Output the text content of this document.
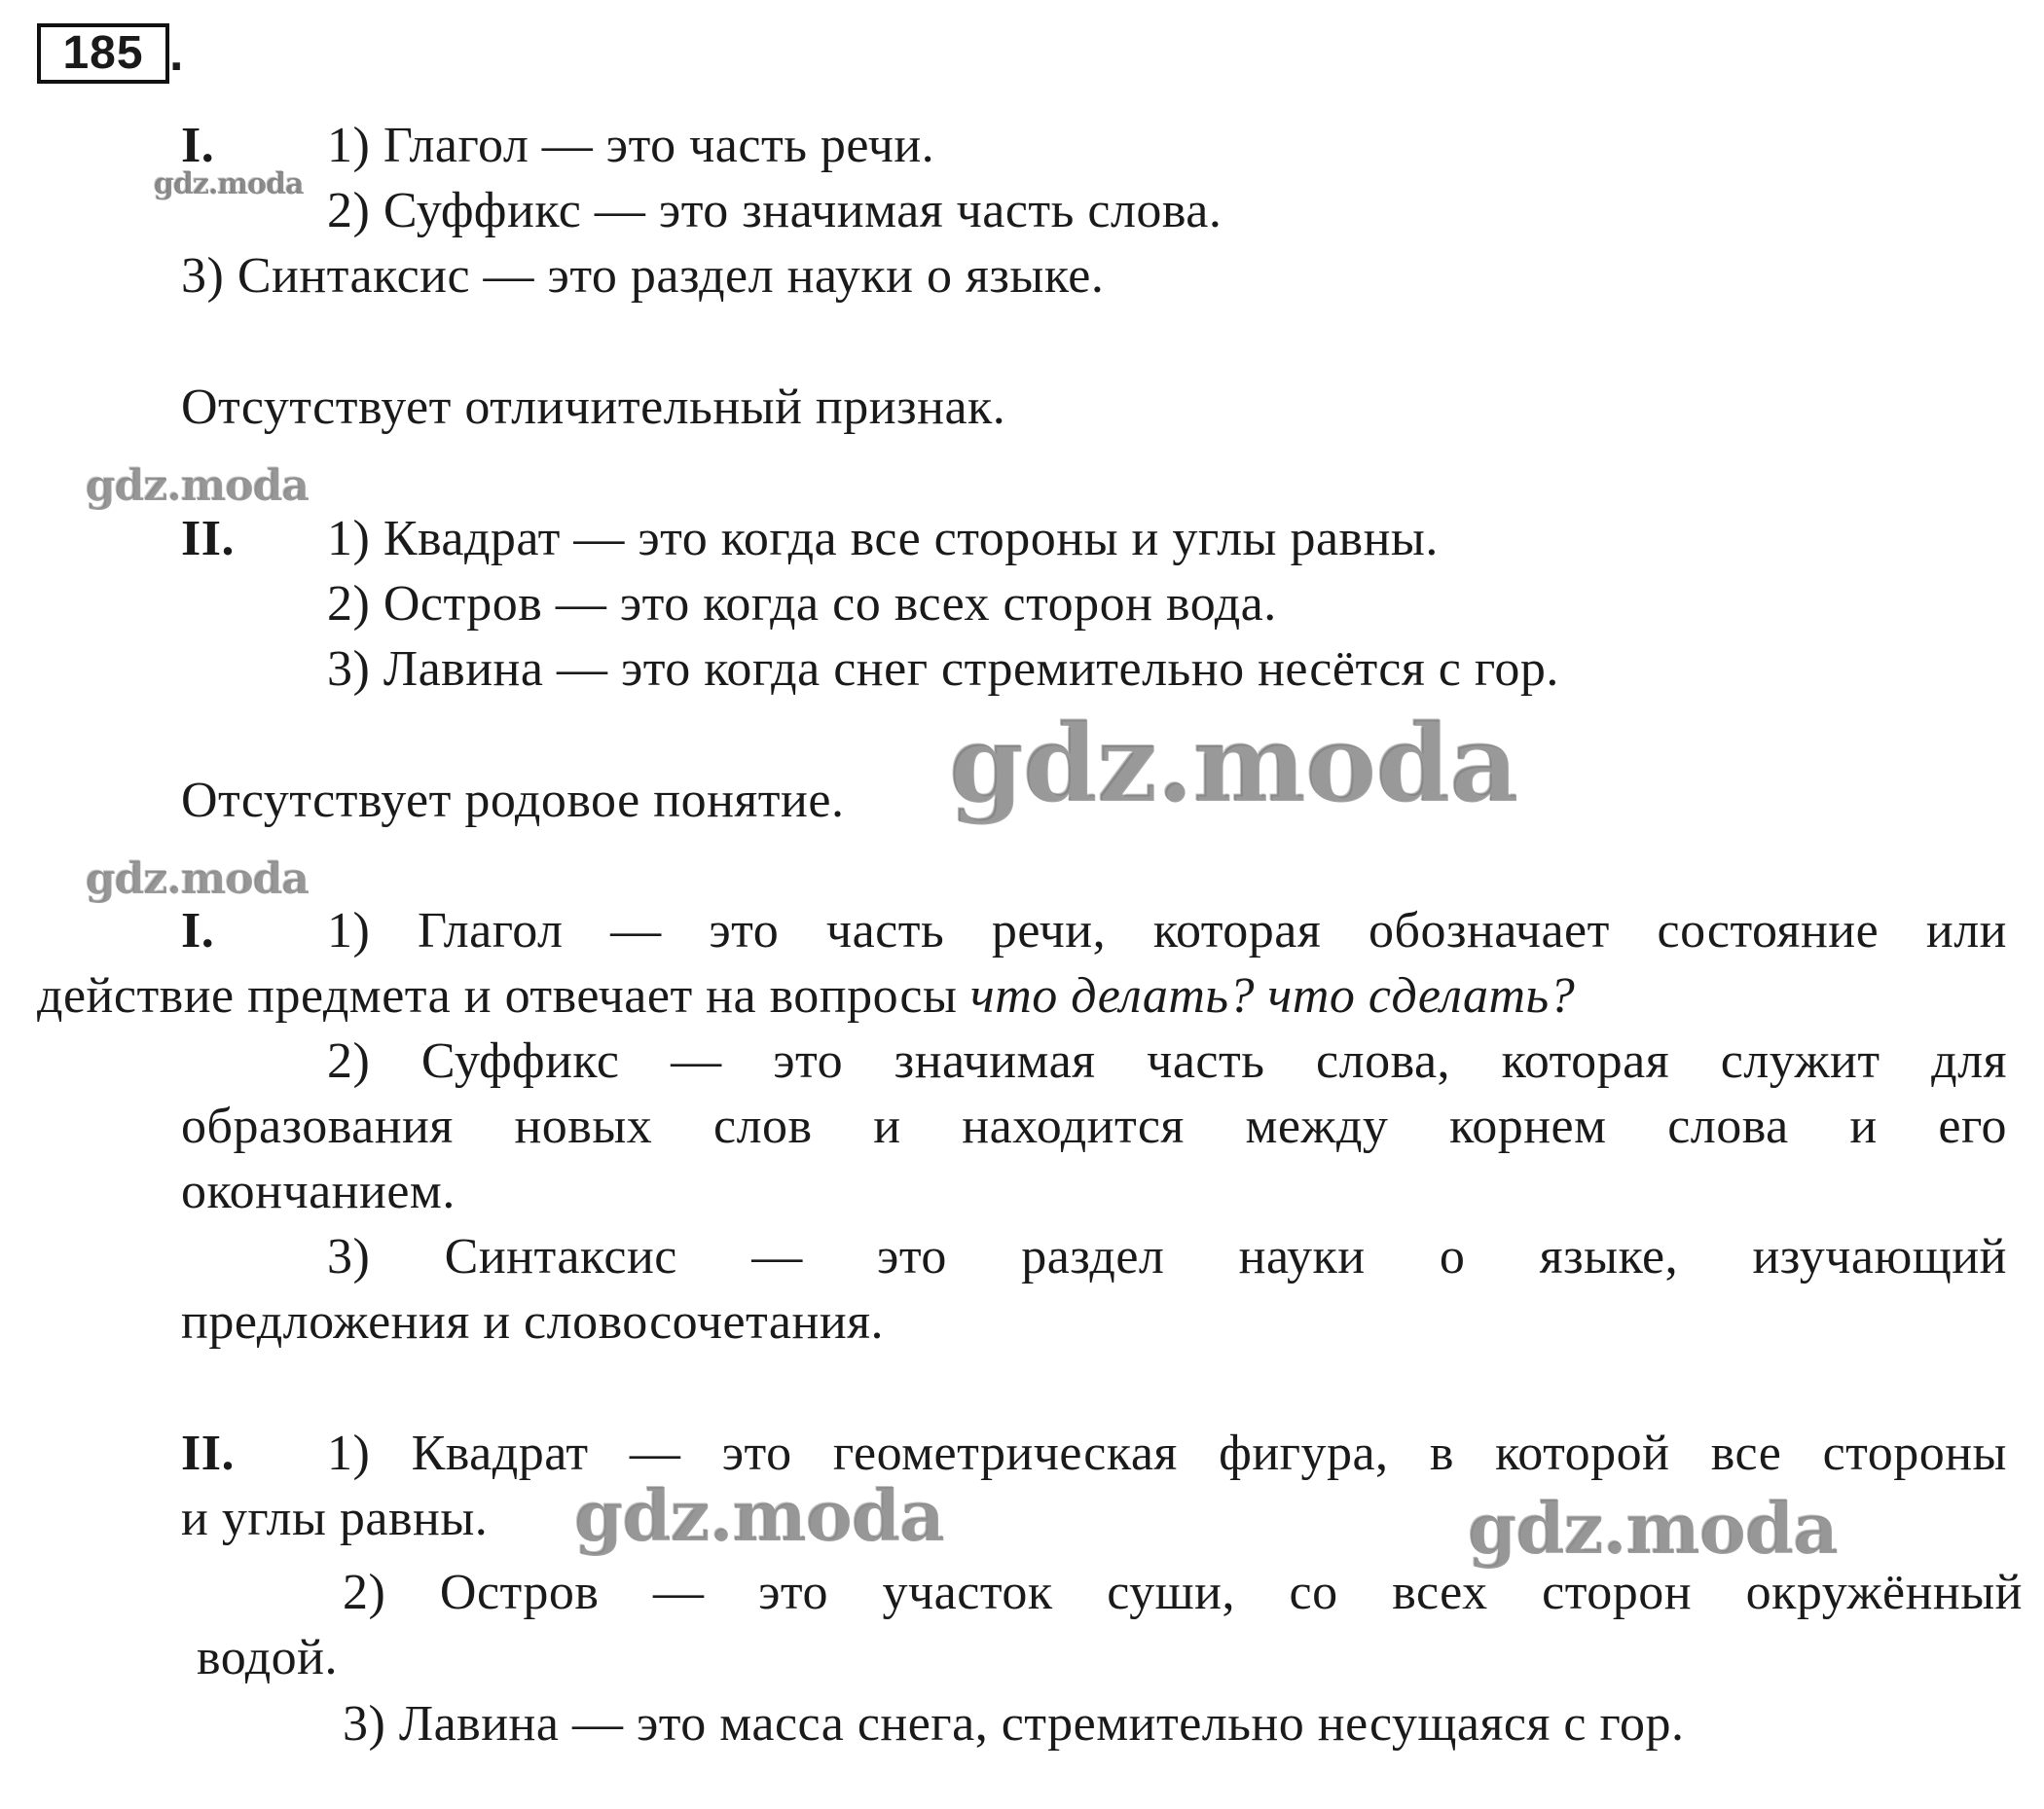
185 .

I. 1) Глагол — это часть речи.

2) Суффикс — это значимая часть слова.

3) Синтаксис — это раздел науки о языке.

Отсутствует отличительный признак.

II. 1) Квадрат — это когда все стороны и углы равны.

2) Остров — это когда со всех сторон вода.

3) Лавина — это когда снег стремительно несётся с гор.

Отсутствует родовое понятие.

I. 1) Глагол — это часть речи, которая обозначает состояние или

действие предмета и отвечает на вопросы что делать? что сделать?

2) Суффикс — это значимая часть слова, которая служит для

образования новых слов и находится между корнем слова и его

окончанием.

3) Синтаксис — это раздел науки о языке, изучающий

предложения и словосочетания.

II. 1) Квадрат — это геометрическая фигура, в которой все стороны

и углы равны.

2) Остров — это участок суши, со всех сторон окружённый

водой.

3) Лавина — это масса снега, стремительно несущаяся с гор.

gdz.moda
gdz.moda
gdz.moda
gdz.moda
gdz.moda	gdz.moda
